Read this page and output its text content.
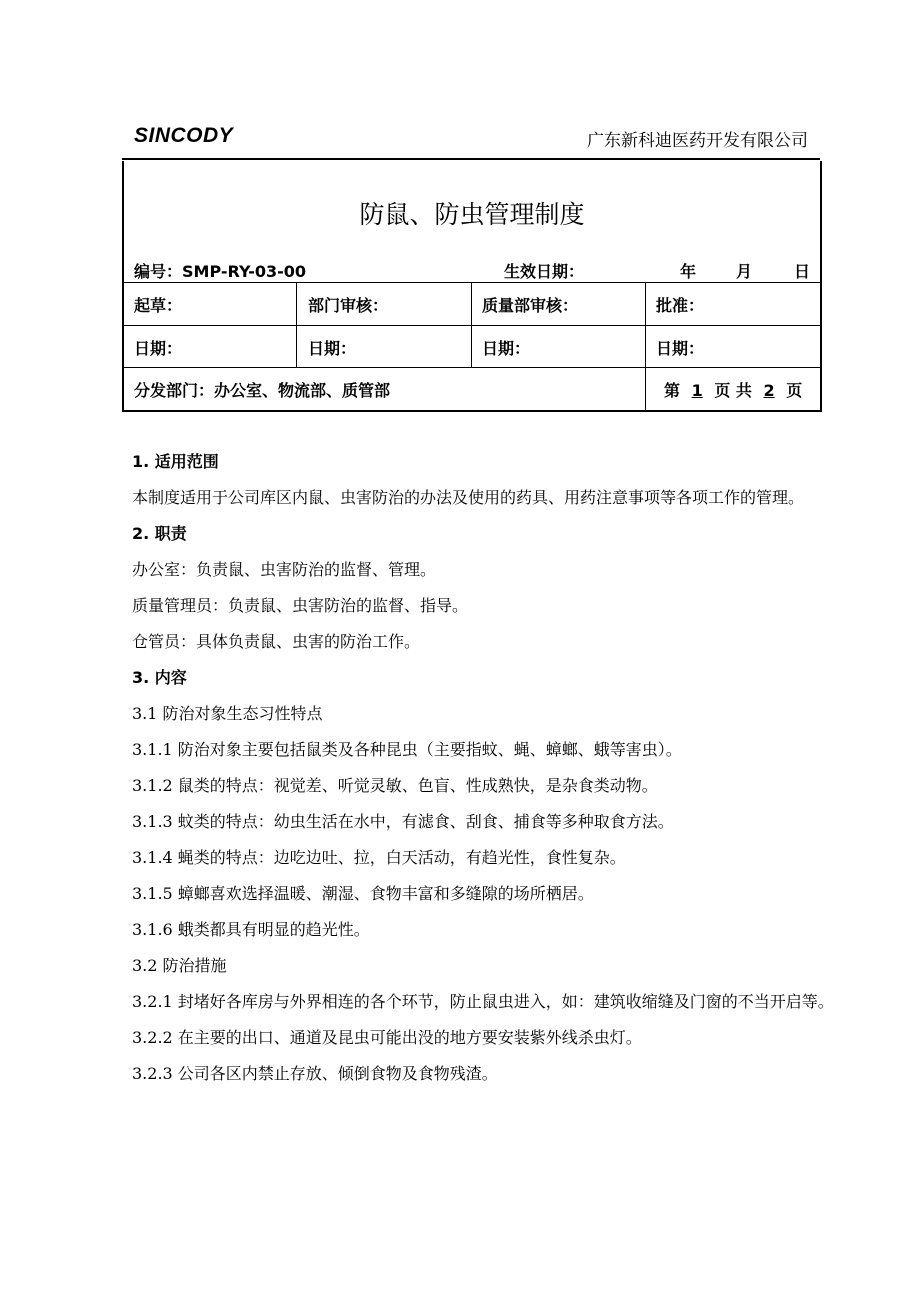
SINCODY	广东新科迪医药开发有限公司
防鼠、防虫管理制度
编号：SMP-RY-03-00	生效日期：	年 月	日
起草：	部门审核：	质量部审核：	批准：
日期：	日期：	日期：	日期：
分发部门：办公室、物流部、质管部	第 1 页 共 2 页
1. 适用范围

本制度适用于公司库区内鼠、虫害防治的办法及使用的药具、用药注意事项等各项工作的管理。

2. 职责

办公室：负责鼠、虫害防治的监督、管理。

质量管理员：负责鼠、虫害防治的监督、指导。

仓管员：具体负责鼠、虫害的防治工作。

3. 内容

3.1 防治对象生态习性特点

3.1.1 防治对象主要包括鼠类及各种昆虫（主要指蚊、蝇、蟑螂、蛾等害虫）。

3.1.2 鼠类的特点：视觉差、听觉灵敏、色盲、性成熟快，是杂食类动物。

3.1.3 蚊类的特点：幼虫生活在水中，有滤食、刮食、捕食等多种取食方法。

3.1.4 蝇类的特点：边吃边吐、拉，白天活动，有趋光性，食性复杂。

3.1.5 蟑螂喜欢选择温暖、潮湿、食物丰富和多缝隙的场所栖居。

3.1.6 蛾类都具有明显的趋光性。

3.2 防治措施

3.2.1 封堵好各库房与外界相连的各个环节，防止鼠虫进入，如：建筑收缩缝及门窗的不当开启等。

3.2.2 在主要的出口、通道及昆虫可能出没的地方要安装紫外线杀虫灯。

3.2.3 公司各区内禁止存放、倾倒食物及食物残渣。
